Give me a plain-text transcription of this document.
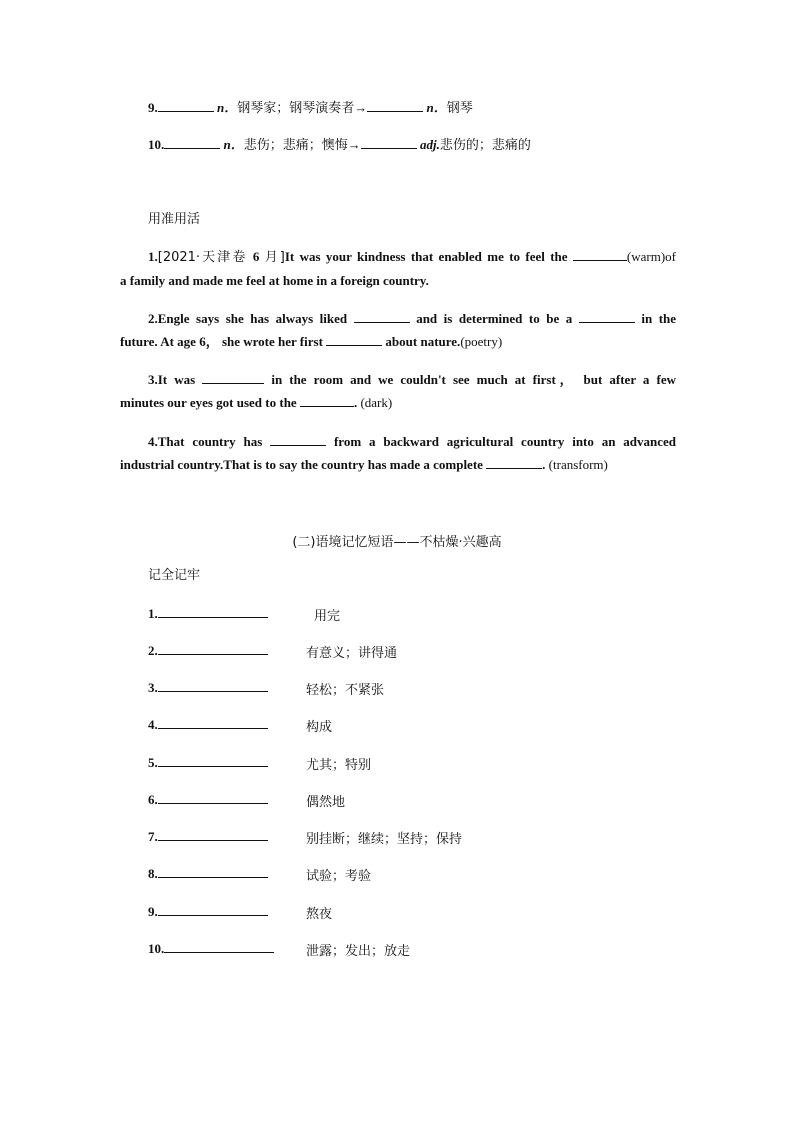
9.	n．钢琴家；钢琴演奏者→	n．钢琴
10.	n．悲伤；悲痛；懊悔→	adj.悲伤的；悲痛的
用准用活
1.[2021·天津卷 6 月]It was your kindness that enabled me to feel the	(warm)of
a family and made me feel at home in a foreign country.
2.Engle says she has always liked	and is determined to be a	in the
future. At age 6， she wrote her first	about nature.(poetry)
3.It was	in the room and we couldn't see much at first， but after a few
minutes our eyes got used to the	. (dark)
4.That country has	from a backward agricultural country into an advanced
industrial country.That is to say the country has made a complete	. (transform)
(二)语境记忆短语——不枯燥·兴趣高
记全记牢
1.	用完
2.	有意义；讲得通
3.	轻松；不紧张
4.	构成
5.	尤其；特别
6.	偶然地
7.	别挂断；继续；坚持；保持
8.	试验；考验
9.	熬夜
10.	泄露；发出；放走
